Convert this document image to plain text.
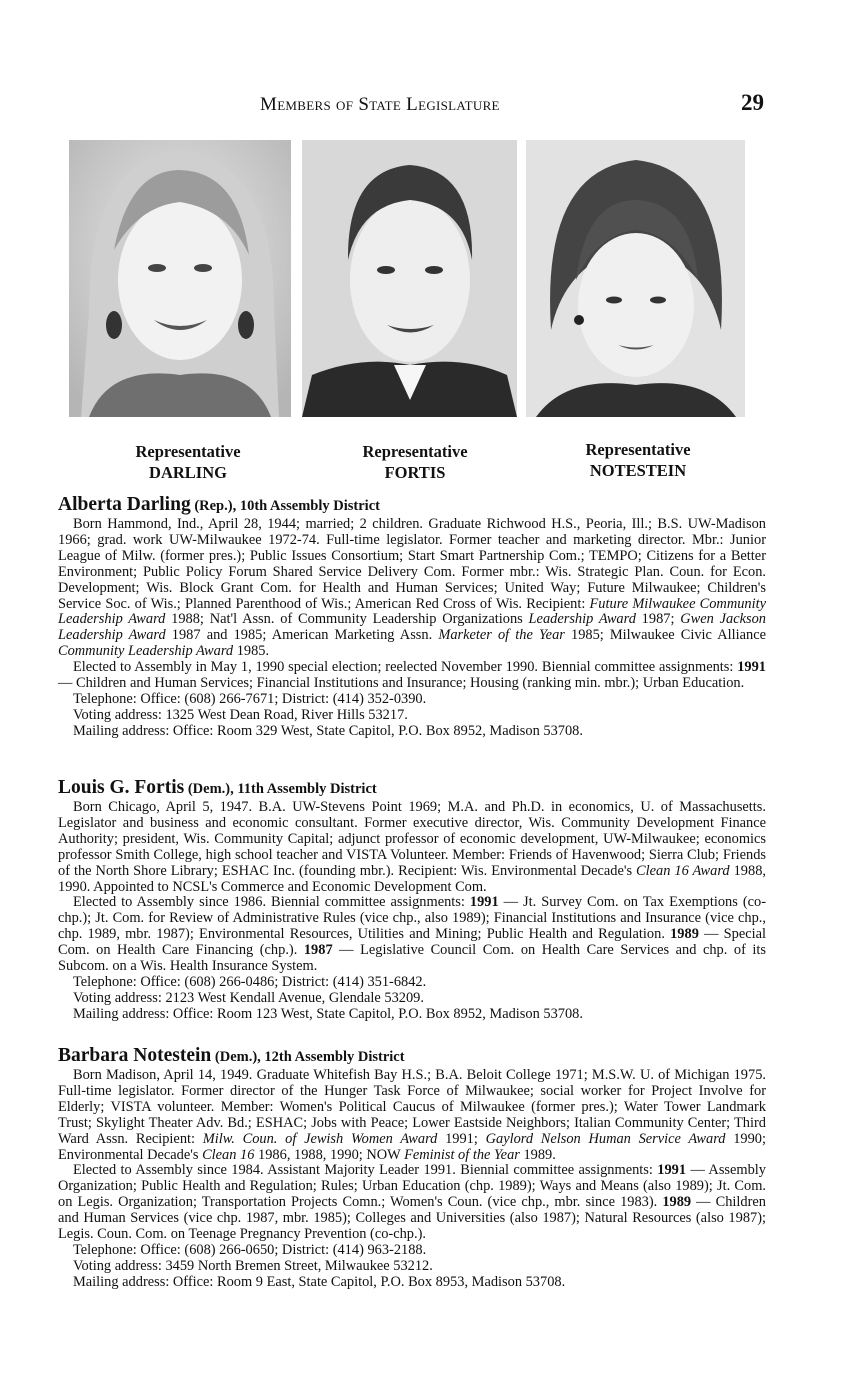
Members of State Legislature	29
Representative
DARLING
Representative
FORTIS
Representative
NOTESTEIN
Alberta Darling (Rep.), 10th Assembly District

Born Hammond, Ind., April 28, 1944; married; 2 children. Graduate Richwood H.S., Peoria, Ill.; B.S. UW-Madison 1966; grad. work UW-Milwaukee 1972-74. Full-time legislator. Former teacher and marketing director. Mbr.: Junior League of Milw. (former pres.); Public Issues Consortium; Start Smart Partnership Com.; TEMPO; Citizens for a Better Environment; Public Policy Forum Shared Service Delivery Com. Former mbr.: Wis. Strategic Plan. Coun. for Econ. Development; Wis. Block Grant Com. for Health and Human Services; United Way; Future Milwaukee; Children's Service Soc. of Wis.; Planned Parenthood of Wis.; American Red Cross of Wis. Recipient: Future Milwaukee Community Leadership Award 1988; Nat'l Assn. of Community Leadership Organizations Leadership Award 1987; Gwen Jackson Leadership Award 1987 and 1985; American Marketing Assn. Marketer of the Year 1985; Milwaukee Civic Alliance Community Leadership Award 1985.

Elected to Assembly in May 1, 1990 special election; reelected November 1990. Biennial committee assignments: 1991 — Children and Human Services; Financial Institutions and Insurance; Housing (ranking min. mbr.); Urban Education.

Telephone: Office: (608) 266-7671; District: (414) 352-0390.

Voting address: 1325 West Dean Road, River Hills 53217.

Mailing address: Office: Room 329 West, State Capitol, P.O. Box 8952, Madison 53708.

Louis G. Fortis (Dem.), 11th Assembly District

Born Chicago, April 5, 1947. B.A. UW-Stevens Point 1969; M.A. and Ph.D. in economics, U. of Massachusetts. Legislator and business and economic consultant. Former executive director, Wis. Community Development Finance Authority; president, Wis. Community Capital; adjunct professor of economic development, UW-Milwaukee; economics professor Smith College, high school teacher and VISTA Volunteer. Member: Friends of Havenwood; Sierra Club; Friends of the North Shore Library; ESHAC Inc. (founding mbr.). Recipient: Wis. Environmental Decade's Clean 16 Award 1988, 1990. Appointed to NCSL's Commerce and Economic Development Com.

Elected to Assembly since 1986. Biennial committee assignments: 1991 — Jt. Survey Com. on Tax Exemptions (co-chp.); Jt. Com. for Review of Administrative Rules (vice chp., also 1989); Financial Institutions and Insurance (vice chp., chp. 1989, mbr. 1987); Environmental Resources, Utilities and Mining; Public Health and Regulation. 1989 — Special Com. on Health Care Financing (chp.). 1987 — Legislative Council Com. on Health Care Services and chp. of its Subcom. on a Wis. Health Insurance System.

Telephone: Office: (608) 266-0486; District: (414) 351-6842.

Voting address: 2123 West Kendall Avenue, Glendale 53209.

Mailing address: Office: Room 123 West, State Capitol, P.O. Box 8952, Madison 53708.

Barbara Notestein (Dem.), 12th Assembly District

Born Madison, April 14, 1949. Graduate Whitefish Bay H.S.; B.A. Beloit College 1971; M.S.W. U. of Michigan 1975. Full-time legislator. Former director of the Hunger Task Force of Milwaukee; social worker for Project Involve for Elderly; VISTA volunteer. Member: Women's Political Caucus of Milwaukee (former pres.); Water Tower Landmark Trust; Skylight Theater Adv. Bd.; ESHAC; Jobs with Peace; Lower Eastside Neighbors; Italian Community Center; Third Ward Assn. Recipient: Milw. Coun. of Jewish Women Award 1991; Gaylord Nelson Human Service Award 1990; Environmental Decade's Clean 16 1986, 1988, 1990; NOW Feminist of the Year 1989.

Elected to Assembly since 1984. Assistant Majority Leader 1991. Biennial committee assignments: 1991 — Assembly Organization; Public Health and Regulation; Rules; Urban Education (chp. 1989); Ways and Means (also 1989); Jt. Com. on Legis. Organization; Transportation Projects Comn.; Women's Coun. (vice chp., mbr. since 1983). 1989 — Children and Human Services (vice chp. 1987, mbr. 1985); Colleges and Universities (also 1987); Natural Resources (also 1987); Legis. Coun. Com. on Teenage Pregnancy Prevention (co-chp.).

Telephone: Office: (608) 266-0650; District: (414) 963-2188.

Voting address: 3459 North Bremen Street, Milwaukee 53212.

Mailing address: Office: Room 9 East, State Capitol, P.O. Box 8953, Madison 53708.
